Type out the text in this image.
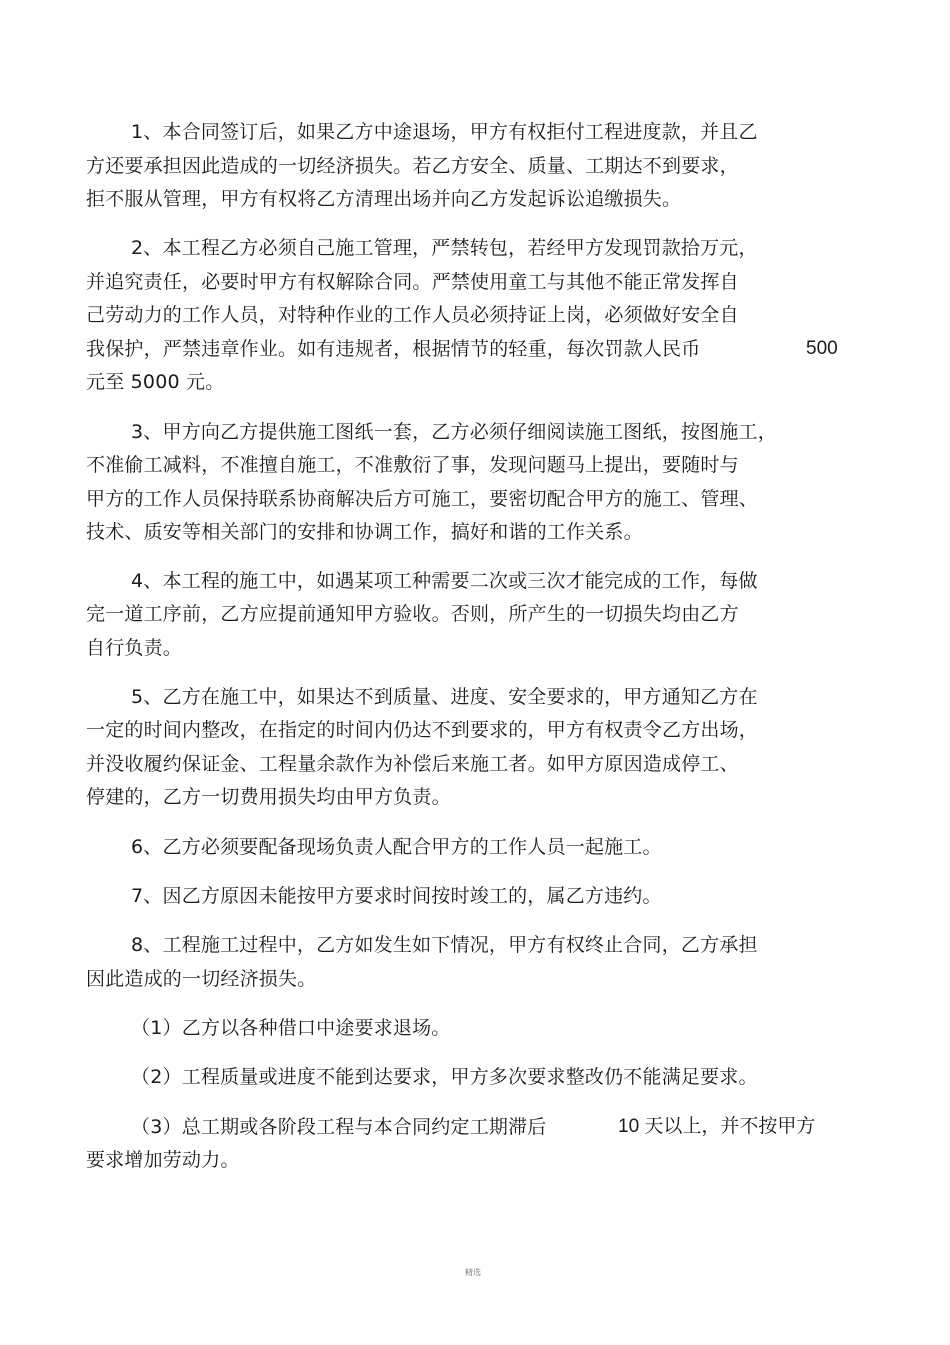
1、本合同签订后，如果乙方中途退场，甲方有权拒付工程进度款，并且乙
方还要承担因此造成的一切经济损失。若乙方安全、质量、工期达不到要求，
拒不服从管理，甲方有权将乙方清理出场并向乙方发起诉讼追缴损失。
2、本工程乙方必须自己施工管理，严禁转包，若经甲方发现罚款拾万元，
并追究责任，必要时甲方有权解除合同。严禁使用童工与其他不能正常发挥自
己劳动力的工作人员，对特种作业的工作人员必须持证上岗，必须做好安全自
我保护，严禁违章作业。如有违规者，根据情节的轻重，每次罚款人民币	500
元至 5000 元。
3、甲方向乙方提供施工图纸一套，乙方必须仔细阅读施工图纸，按图施工，
不准偷工减料，不准擅自施工，不准敷衍了事，发现问题马上提出，要随时与
甲方的工作人员保持联系协商解决后方可施工，要密切配合甲方的施工、管理、
技术、质安等相关部门的安排和协调工作，搞好和谐的工作关系。
4、本工程的施工中，如遇某项工种需要二次或三次才能完成的工作，每做
完一道工序前，乙方应提前通知甲方验收。否则，所产生的一切损失均由乙方
自行负责。
5、乙方在施工中，如果达不到质量、进度、安全要求的，甲方通知乙方在
一定的时间内整改，在指定的时间内仍达不到要求的，甲方有权责令乙方出场，
并没收履约保证金、工程量余款作为补偿后来施工者。如甲方原因造成停工、
停建的，乙方一切费用损失均由甲方负责。
6、乙方必须要配备现场负责人配合甲方的工作人员一起施工。
7、因乙方原因未能按甲方要求时间按时竣工的，属乙方违约。
8、工程施工过程中，乙方如发生如下情况，甲方有权终止合同，乙方承担
因此造成的一切经济损失。
（1）乙方以各种借口中途要求退场。
（2）工程质量或进度不能到达要求，甲方多次要求整改仍不能满足要求。
（3）总工期或各阶段工程与本合同约定工期滞后	10 天以上，并不按甲方
要求增加劳动力。
精选
